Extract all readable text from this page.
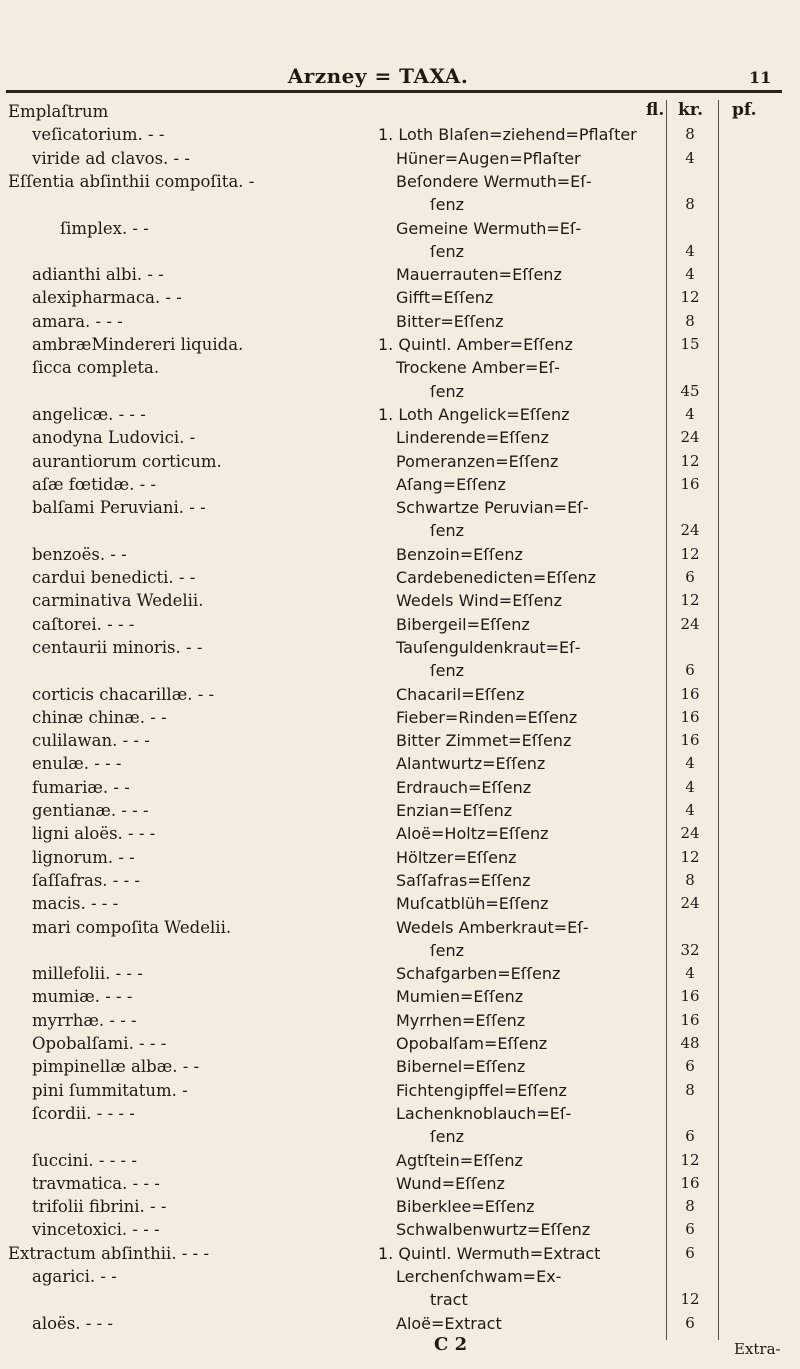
Arzney = TAXA.	11
fl. kr. pf.
Emplaſtrum
veſicatorium. - -	1. Loth Blaſen=ziehend=Pflaſter	8
viride ad clavos. - -	Hüner=Augen=Pflaſter	4
Eſſentia abſinthii compoſita. -	Beſondere Wermuth=Eſ-
ſenz	8
ſimplex. - -	Gemeine Wermuth=Eſ-
ſenz	4
adianthi albi. - -	Mauerrauten=Eſſenz	4
alexipharmaca. - -	Gifft=Eſſenz	12
amara. - - -	Bitter=Eſſenz	8
ambræMindereri liquida.	1. Quintl. Amber=Eſſenz	15
ſicca completa.	Trockene Amber=Eſ-
ſenz	45
angelicæ. - - -	1. Loth Angelick=Eſſenz	4
anodyna Ludovici. -	Linderende=Eſſenz	24
aurantiorum corticum.	Pomeranzen=Eſſenz	12
aſæ fœtidæ. - -	Aſang=Eſſenz	16
balſami Peruviani. - -	Schwartze Peruvian=Eſ-
ſenz	24
benzoës. - -	Benzoin=Eſſenz	12
cardui benedicti. - -	Cardebenedicten=Eſſenz	6
carminativa Wedelii.	Wedels Wind=Eſſenz	12
caſtorei. - - -	Bibergeil=Eſſenz	24
centaurii minoris. - -	Tauſenguldenkraut=Eſ-
ſenz	6
corticis chacarillæ. - -	Chacaril=Eſſenz	16
chinæ chinæ. - -	Fieber=Rinden=Eſſenz	16
culilawan. - - -	Bitter Zimmet=Eſſenz	16
enulæ. - - -	Alantwurtz=Eſſenz	4
fumariæ. - -	Erdrauch=Eſſenz	4
gentianæ. - - -	Enzian=Eſſenz	4
ligni aloës. - - -	Aloë=Holtz=Eſſenz	24
lignorum. - -	Höltzer=Eſſenz	12
ſaſſafras. - - -	Saſſafras=Eſſenz	8
macis. - - -	Muſcatblüh=Eſſenz	24
mari compoſita Wedelii.	Wedels Amberkraut=Eſ-
ſenz	32
millefolii. - - -	Schafgarben=Eſſenz	4
mumiæ. - - -	Mumien=Eſſenz	16
myrrhæ. - - -	Myrrhen=Eſſenz	16
Opobalſami. - - -	Opobalſam=Eſſenz	48
pimpinellæ albæ. - -	Bibernel=Eſſenz	6
pini ſummitatum. -	Fichtengipffel=Eſſenz	8
ſcordii. - - - -	Lachenknoblauch=Eſ-
ſenz	6
ſuccini. - - - -	Agtſtein=Eſſenz	12
travmatica. - - -	Wund=Eſſenz	16
trifolii fibrini. - -	Biberklee=Eſſenz	8
vincetoxici. - - -	Schwalbenwurtz=Eſſenz	6
Extractum abſinthii. - - -	1. Quintl. Wermuth=Extract	6
agarici. - -	Lerchenſchwam=Ex-
tract	12
aloës. - - -	Aloë=Extract	6
C 2	Extra-
